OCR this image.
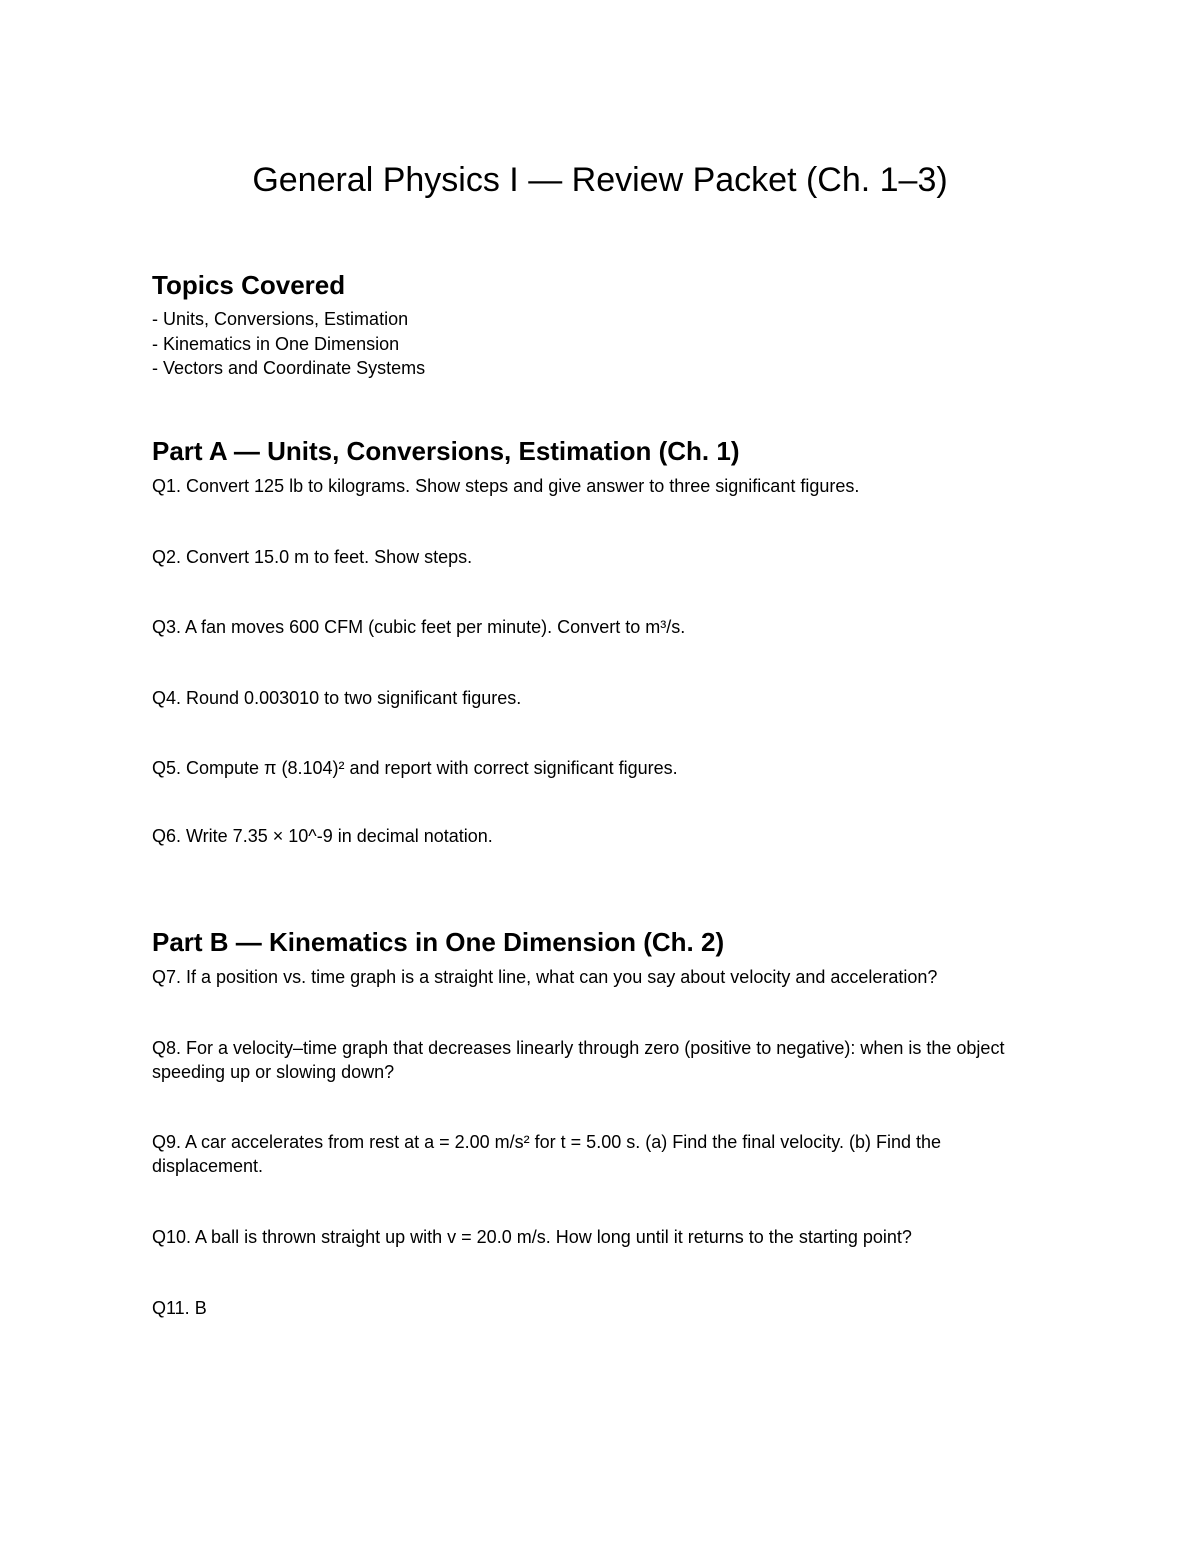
General Physics I — Review Packet (Ch. 1–3)
Topics Covered

- Units, Conversions, Estimation

- Kinematics in One Dimension

- Vectors and Coordinate Systems

Part A — Units, Conversions, Estimation (Ch. 1)

Q1. Convert 125 lb to kilograms. Show steps and give answer to three significant figures.

Q2. Convert 15.0 m to feet. Show steps.

Q3. A fan moves 600 CFM (cubic feet per minute). Convert to m³/s.

Q4. Round 0.003010 to two significant figures.

Q5. Compute π (8.104)² and report with correct significant figures.

Q6. Write 7.35 × 10^-9 in decimal notation.

Part B — Kinematics in One Dimension (Ch. 2)

Q7. If a position vs. time graph is a straight line, what can you say about velocity and acceleration?

Q8. For a velocity–time graph that decreases linearly through zero (positive to negative): when is the object speeding up or slowing down?

Q9. A car accelerates from rest at a = 2.00 m/s² for t = 5.00 s. (a) Find the final velocity. (b) Find the displacement.

Q10. A ball is thrown straight up with v = 20.0 m/s. How long until it returns to the starting point?

Q11. B
